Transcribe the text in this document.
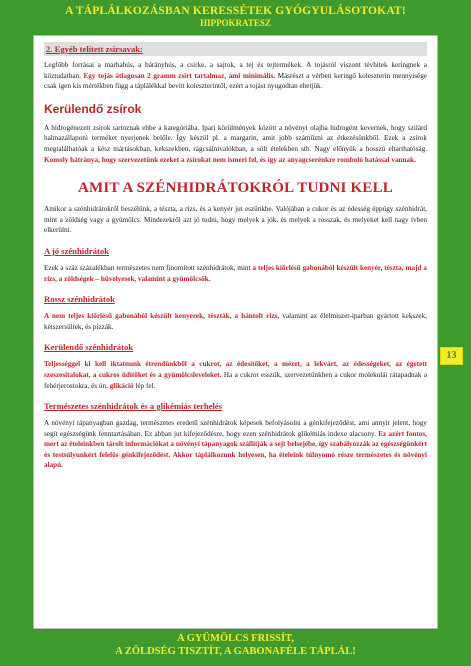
A TÁPLÁLKOZÁSBAN KERESSÉTEK GYÓGYULÁSOTOKAT!
HIPPOKRATESZ
2. Egyéb telített zsírsavak:

Legfőbb forrásai a marhahús, a bárányhús, a csirke, a sajtok, a tej és tejtermékek. A tojásról viszont tévhitek keringnek a köztudatban. Egy tojás átlagosan 2 gramm zsírt tartalmaz, ami minimális. Másrészt a vérben keringő koleszterin mennyisége csak igen kis mértékben függ a táplálékkal bevitt koleszterintől, ezért a tojást nyugodtan ehetjük.

Kerülendő zsírok

A hidrogénezett zsírok tartoznak ebbe a kategóriába. Ipari körülmények között a növényi olajba hidrogént kevernek, hogy szilárd halmazállapotú terméket nyerjenek belőle. Így készül pl. a margarin, amit jobb száműzni az étkezésünkből. Ezek a zsírok megtalálhatóak a kész mártásokban, kekszekben, rágcsálnivalókban, a sült ételekben stb. Nagy előnyük a hosszú eltarthatóság. Komoly hátránya, hogy szervezetünk ezeket a zsírokat nem ismeri fel, és így az anyagcserénkre romboló hatással vannak.

AMIT A SZÉNHIDRÁTOKRÓL TUDNI KELL

Amikor a szénhidrátokról beszélünk, a tészta, a rizs, és a kenyér jut eszünkbe. Valójában a cukor és az édesség éppúgy szénhidrát, mint a zöldség vagy a gyümölcs. Mindezekről azt jó tudni, hogy melyek a jók, és melyek a rosszak, és melyeket kell nagy ívben elkerülni.

A jó szénhidrátok

Ezek a száz százalékban természetes nem finomított szénhidrátok, mint a teljes kiőrlésű gabonából készült kenyér, tészta, majd a rizs, a zöldségek – hüvelyesek, valamint a gyümölcsök.

Rossz szénhidrátok

A nem teljes kiőrlésű gabonából készült kenyerek, tészták, a hántolt rizs, valamint az élelmiszer-iparban gyártott kekszek, kétszersültek, és pizzák.

Kerülendő szénhidrátok

Teljességgel ki kell iktatnunk étrendünkből a cukrot, az édesítőket, a mézet, a lekvárt, az édességeket, az égetett szeszesitalokat, a cukros üdítőket és a gyümölcsleveleket. Ha a cukrot esszük, szervezetünkben a cukor molekulái rátapadnak a fehérjerostokra, és ún. glikáció lép fel.

Természetes szénhidrátok és a glikémiás terhelés

A növényi tápanyagban gazdag, természetes eredetű szénhidrátok képesek befolyásolni a génkifejeződést, ami annyit jelent, hogy segít egészségünk fenntartásában. Ez abban jut kifejeződésre, hogy ezen szénhidrátok glikémiás indexe alacsony. Ez azért fontos, mert az ételeinkben tárolt információkat a növényi tápanyagok szállítják a sejt belsejébe, így szabályozzák az egészségünkért és testsúlyunkért felelős génkifejeződést. Akkor táplálkozunk helyesen, ha ételeink túlnyomó része természetes és növényi alapú.

13
A GYÜMÖLCS FRISSÍT,
A ZÖLDSÉG TISZTÍT, A GABONAFÉLE TÁPLÁL!
